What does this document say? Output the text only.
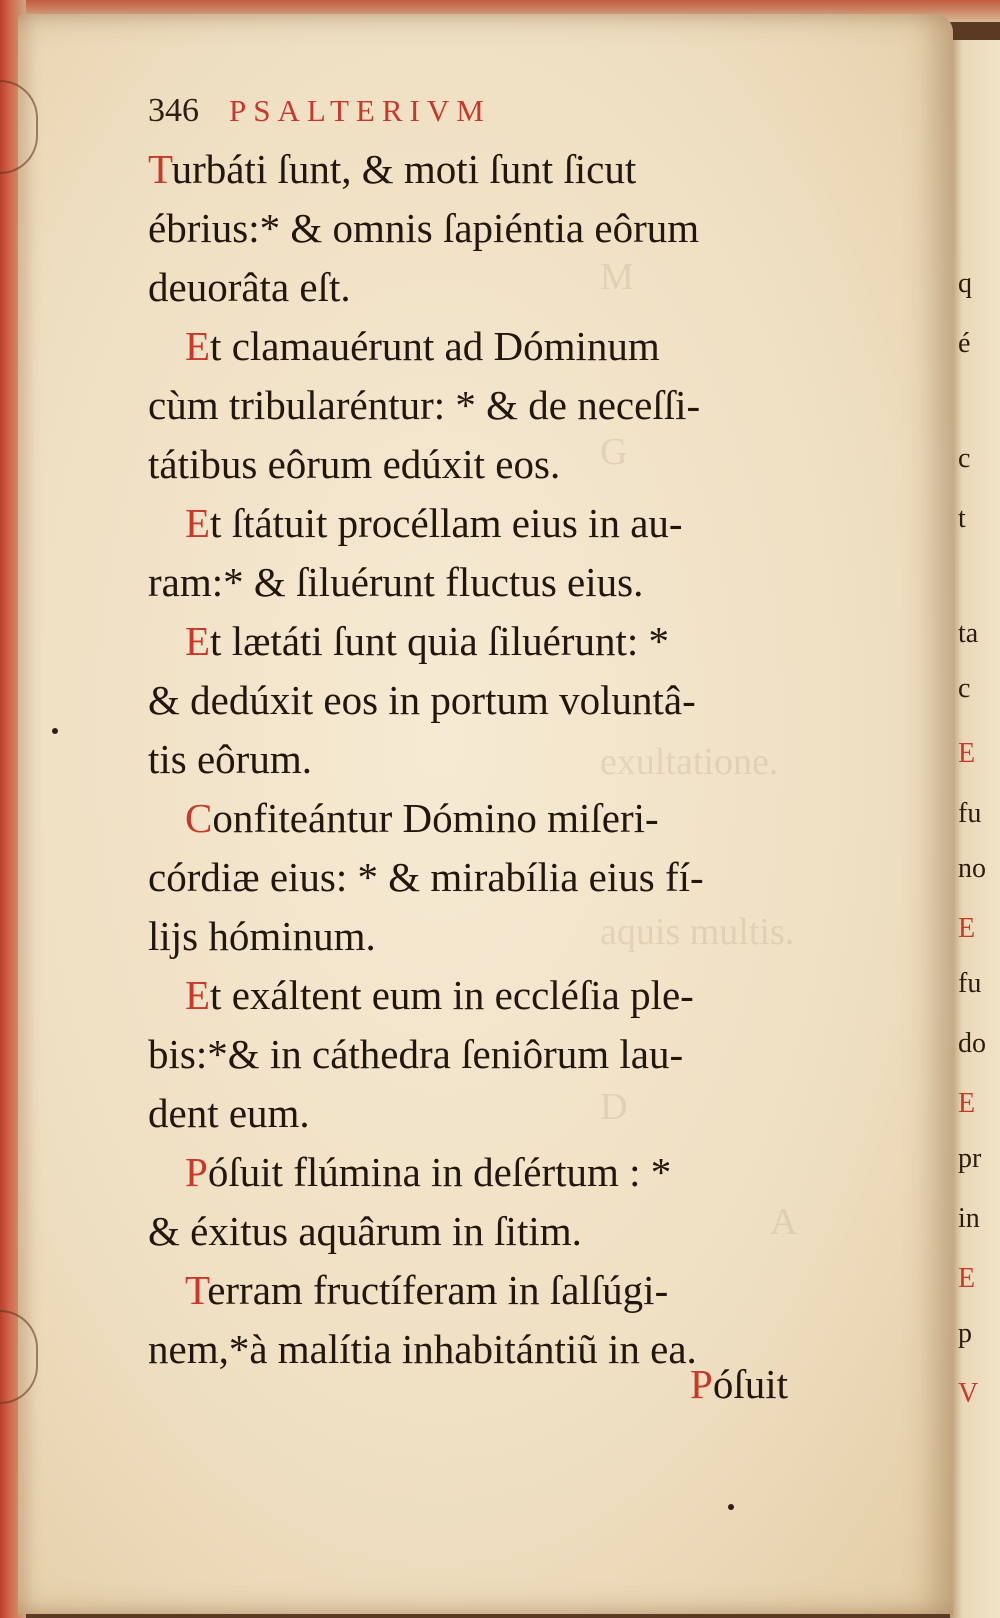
q
é
c
t
ta
c
E
fu
no
E
fu
do
E
pr
in
E
p
V
M
G
exultatione.
aquis multis.
D
A
346 PSALTERIVM
Turbáti ſunt, & moti ſunt ſicut
ébrius:* & omnis ſapiéntia eôrum
deuorâta eſt.
Et clamauérunt ad Dóminum
cùm tribularéntur: * & de neceſſi-
tátibus eôrum edúxit eos.
Et ſtátuit procéllam eius in au-
ram:* & ſiluérunt fluctus eius.
Et lætáti ſunt quia ſiluérunt: *
& dedúxit eos in portum voluntâ-
tis eôrum.
Confiteántur Dómino miſeri-
córdiæ eius: * & mirabília eius fí-
lijs hóminum.
Et exáltent eum in eccléſia ple-
bis:*& in cáthedra ſeniôrum lau-
dent eum.
Póſuit flúmina in deſértum : *
& éxitus aquârum in ſitim.
Terram fructíferam in ſalſúgi-
nem,*à malítia inhabitántiũ in ea.
Póſuit
